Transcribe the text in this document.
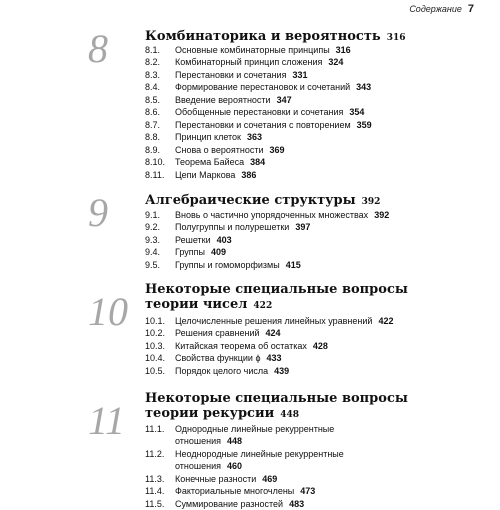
Содержание 7
8	Комбинаторика и вероятность 316
8.1. Основные комбинаторные принципы 316
8.2. Комбинаторный принцип сложения 324
8.3. Перестановки и сочетания 331
8.4. Формирование перестановок и сочетаний 343
8.5. Введение вероятности 347
8.6. Обобщенные перестановки и сочетания 354
8.7. Перестановки и сочетания с повторением 359
8.8. Принцип клеток 363
8.9. Снова о вероятности 369
8.10. Теорема Байеса 384
8.11. Цепи Маркова 386
9	Алгебраические структуры 392
9.1. Вновь о частично упорядоченных множествах 392
9.2. Полугруппы и полурешетки 397
9.3. Решетки 403
9.4. Группы 409
9.5. Группы и гомоморфизмы 415
10 Некоторые специальные вопросы
теории чисел 422
10.1. Целочисленные решения линейных уравнений 422
10.2. Решения сравнений 424
10.3. Китайская теорема об остатках 428
10.4. Свойства функции ϕ 433
10.5. Порядок целого числа 439
11 Некоторые специальные вопросы
теории рекурсии 448
11.1. Однородные линейные рекуррентные
отношения 448
11.2. Неоднородные линейные рекуррентные
отношения 460
11.3. Конечные разности 469
11.4. Факториальные многочлены 473
11.5. Суммирование разностей 483
